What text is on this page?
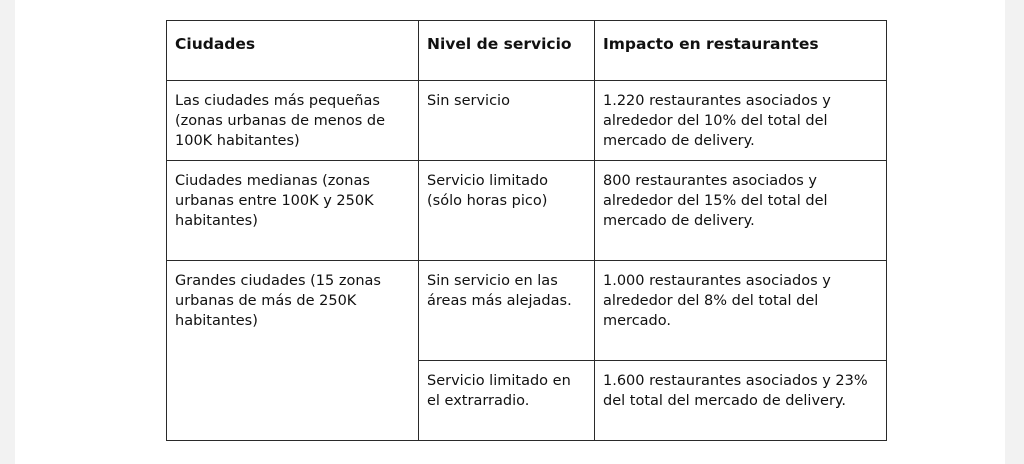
Ciudades	Nivel de servicio	Impacto en restaurantes
Las ciudades más pequeñas (zonas urbanas de menos de 100K habitantes)	Sin servicio	1.220 restaurantes asociados y alrededor del 10% del total del mercado de delivery.
Ciudades medianas (zonas urbanas entre 100K y 250K habitantes)	Servicio limitado (sólo horas pico)	800 restaurantes asociados y alrededor del 15% del total del mercado de delivery.
Grandes ciudades (15 zonas urbanas de más de 250K habitantes)	Sin servicio en las áreas más alejadas.	1.000 restaurantes asociados y alrededor del 8% del total del mercado.
	Servicio limitado en el extrarradio.	1.600 restaurantes asociados y 23% del total del mercado de delivery.
